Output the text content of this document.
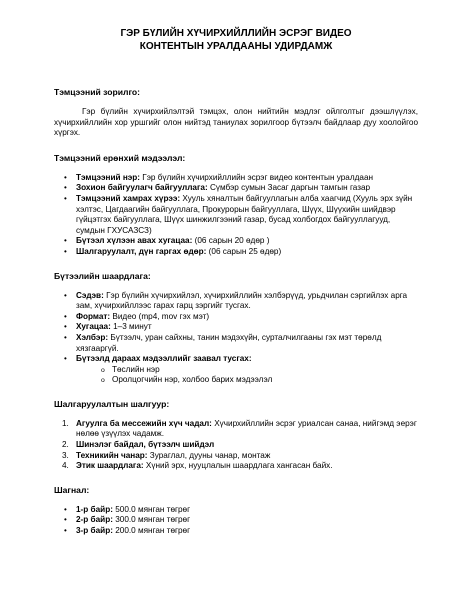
ГЭР БҮЛИЙН ХҮЧИРХИЙЛЛИЙН ЭСРЭГ ВИДЕО
КОНТЕНТЫН УРАЛДААНЫ УДИРДАМЖ
Тэмцээний зорилго:
Гэр бүлийн хүчирхийлэлтэй тэмцэх, олон нийтийн мэдлэг ойлголтыг дээшлүүлэх, хүчирхийллийн хор уршгийг олон нийтэд таниулах зорилгоор бүтээлч байдлаар дуу хоолойгоо хүргэх.
Тэмцээний ерөнхий мэдээлэл:
• Тэмцээний нэр: Гэр бүлийн хүчирхийллийн эсрэг видео контентын уралдаан
• Зохион байгуулагч байгууллага: Сүмбэр сумын Засаг даргын тамгын газар
• Тэмцээний хамрах хүрээ: Хууль хяналтын байгууллагын алба хаагчид (Хууль эрх зүйн хэлтэс, Цагдаагийн байгууллага, Прокурорын байгууллага, Шүүх, Шүүхийн шийдвэр гүйцэтгэх байгууллага, Шүүх шинжилгээний газар, бусад холбогдох байгууллагууд, сумдын ГХУСАЗСЗ)
• Бүтээл хүлээн авах хугацаа: (06 сарын 20 өдөр )
• Шалгаруулалт, дүн гаргах өдөр: (06 сарын 25 өдөр)
Бүтээлийн шаардлага:
• Сэдэв: Гэр бүлийн хүчирхийлэл, хүчирхийллийн хэлбэрүүд, урьдчилан сэргийлэх арга зам, хүчирхийллээс гарах гарц зэргийг тусгах.
• Формат: Видео (mp4, mov гэх мэт)
• Хугацаа: 1–3 минут
• Хэлбэр: Бүтээлч, уран сайхны, танин мэдэхүйн, сурталчилгааны гэх мэт төрөлд хязгааргүй.
• Бүтээлд дараах мэдээллийг заавал тусгах:
o Төслийн нэр
o Оролцогчийн нэр, холбоо барих мэдээлэл
Шалгаруулалтын шалгуур:
1. Агуулга ба мессежийн хүч чадал: Хүчирхийллийн эсрэг уриалсан санаа, нийгэмд эерэг нөлөө үзүүлэх чадамж.
2. Шинэлэг байдал, бүтээлч шийдэл
3. Техникийн чанар: Зураглал, дууны чанар, монтаж
4. Этик шаардлага: Хүний эрх, нууцлалын шаардлага хангасан байх.
Шагнал:
• 1-р байр: 500.0 мянган төгрөг
• 2-р байр: 300.0 мянган төгрөг
• 3-р байр: 200.0 мянган төгрөг
